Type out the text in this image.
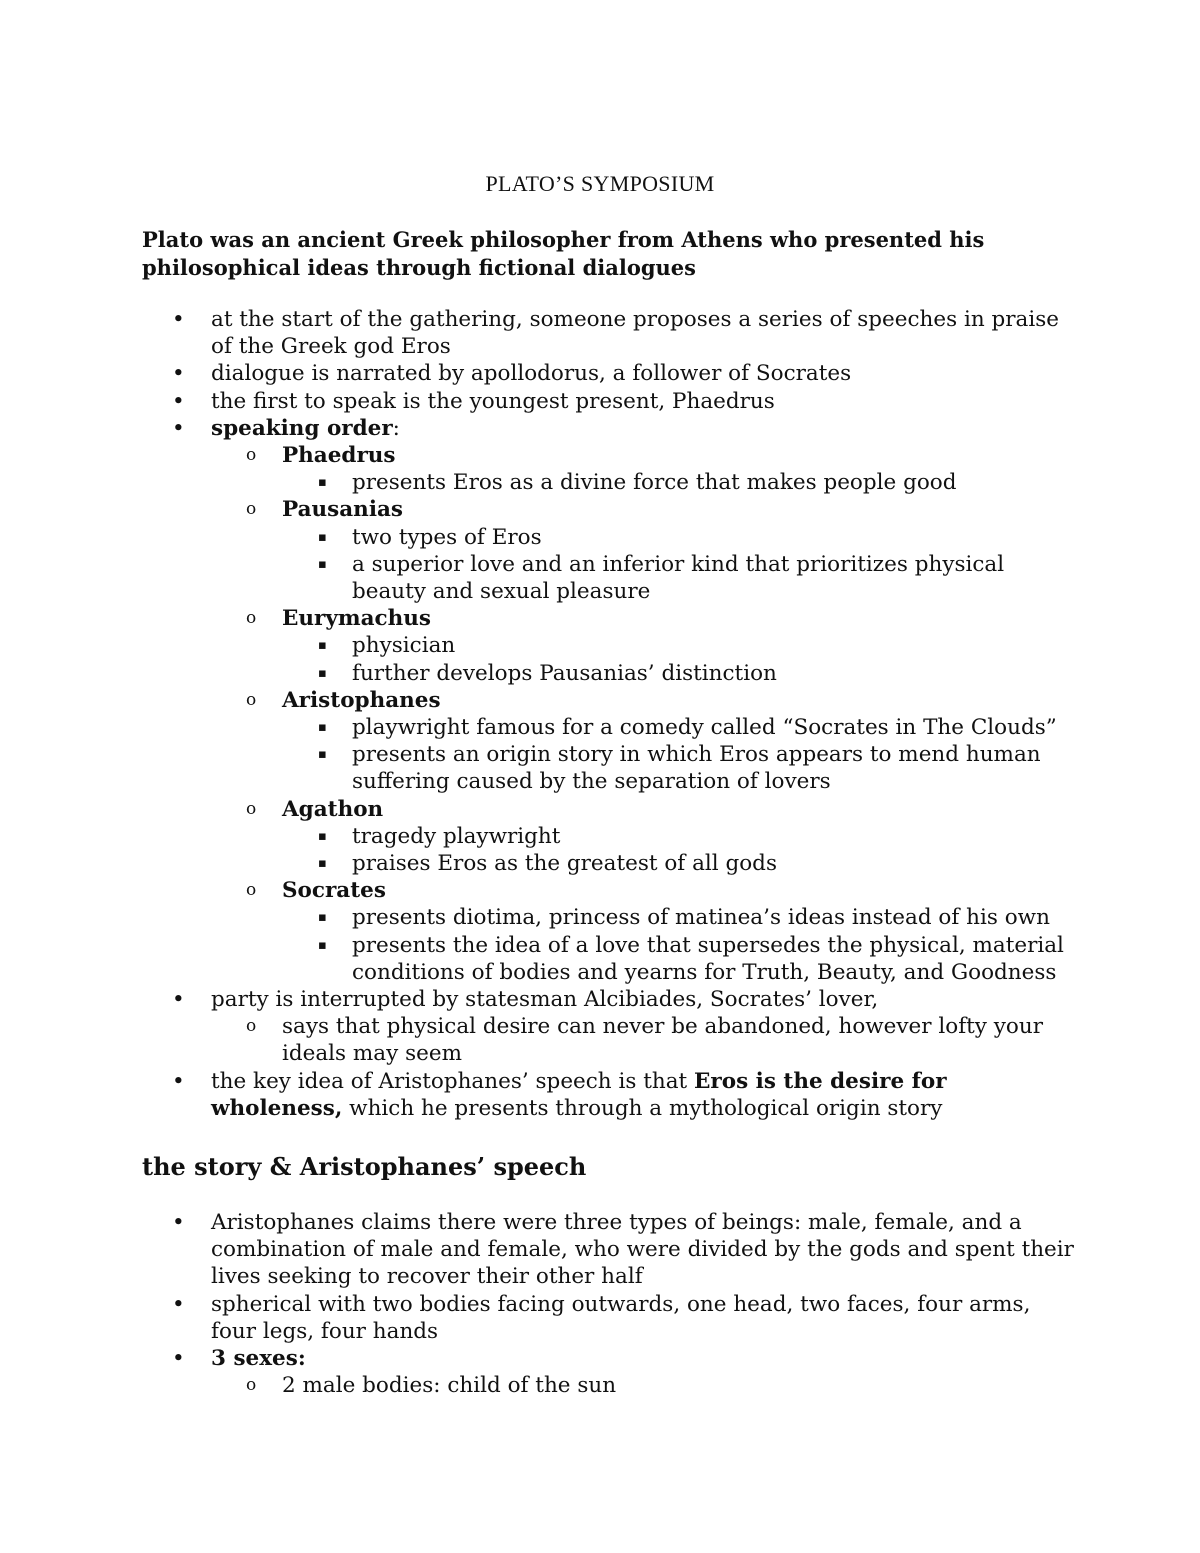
PLATO’S SYMPOSIUM
Plato was an ancient Greek philosopher from Athens who presented his philosophical ideas through fictional dialogues
• at the start of the gathering, someone proposes a series of speeches in praise of the Greek god Eros
• dialogue is narrated by apollodorus, a follower of Socrates
• the first to speak is the youngest present, Phaedrus
• speaking order:
o Phaedrus
▪ presents Eros as a divine force that makes people good
o Pausanias
▪ two types of Eros
▪ a superior love and an inferior kind that prioritizes physical beauty and sexual pleasure
o Eurymachus
▪ physician
▪ further develops Pausanias’ distinction
o Aristophanes
▪ playwright famous for a comedy called “Socrates in The Clouds”
▪ presents an origin story in which Eros appears to mend human suffering caused by the separation of lovers
o Agathon
▪ tragedy playwright
▪ praises Eros as the greatest of all gods
o Socrates
▪ presents diotima, princess of matinea’s ideas instead of his own
▪ presents the idea of a love that supersedes the physical, material conditions of bodies and yearns for Truth, Beauty, and Goodness
• party is interrupted by statesman Alcibiades, Socrates’ lover,
o says that physical desire can never be abandoned, however lofty your ideals may seem
• the key idea of Aristophanes’ speech is that Eros is the desire for wholeness, which he presents through a mythological origin story
the story & Aristophanes’ speech
• Aristophanes claims there were three types of beings: male, female, and a combination of male and female, who were divided by the gods and spent their lives seeking to recover their other half
• spherical with two bodies facing outwards, one head, two faces, four arms, four legs, four hands
• 3 sexes:
o 2 male bodies: child of the sun
